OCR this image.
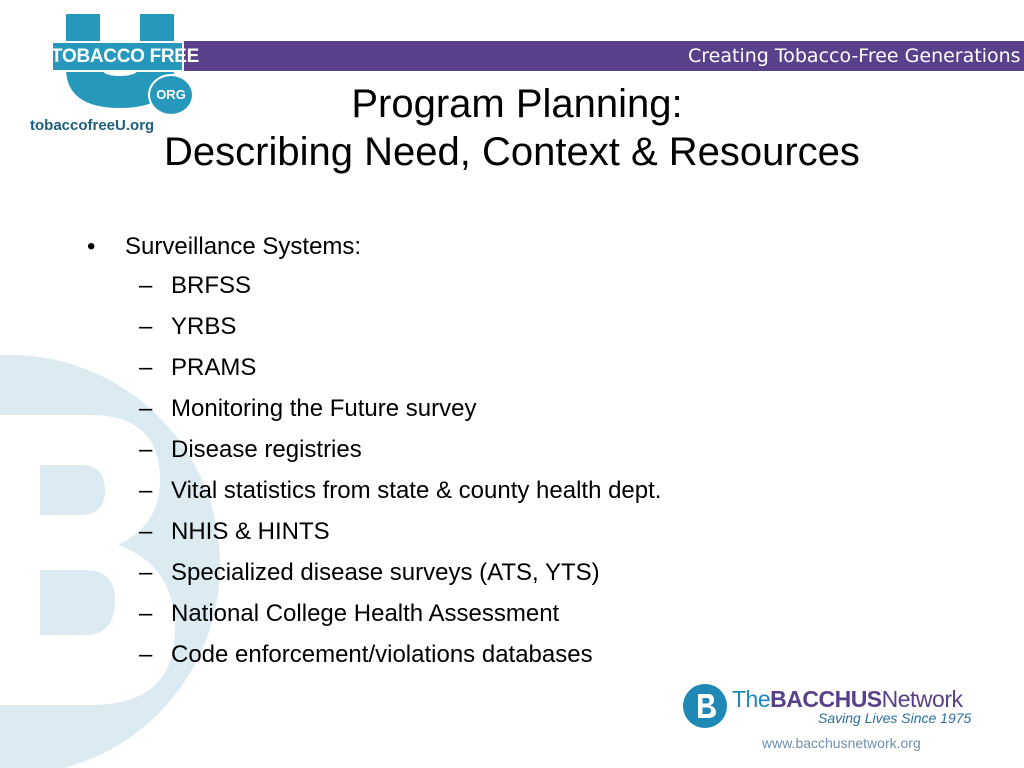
Creating Tobacco-Free Generations
TOBACCO FREE
ORG
tobaccofreeU.org	Program Planning:
Describing Need, Context & Resources
• Surveillance Systems:
– BRFSS
– YRBS
– PRAMS
– Monitoring the Future survey
– Disease registries
– Vital statistics from state & county health dept.
– NHIS & HINTS
– Specialized disease surveys (ATS, YTS)
– National College Health Assessment
– Code enforcement/violations databases
TheBACCHUSNetwork
Saving Lives Since 1975
www.bacchusnetwork.org
